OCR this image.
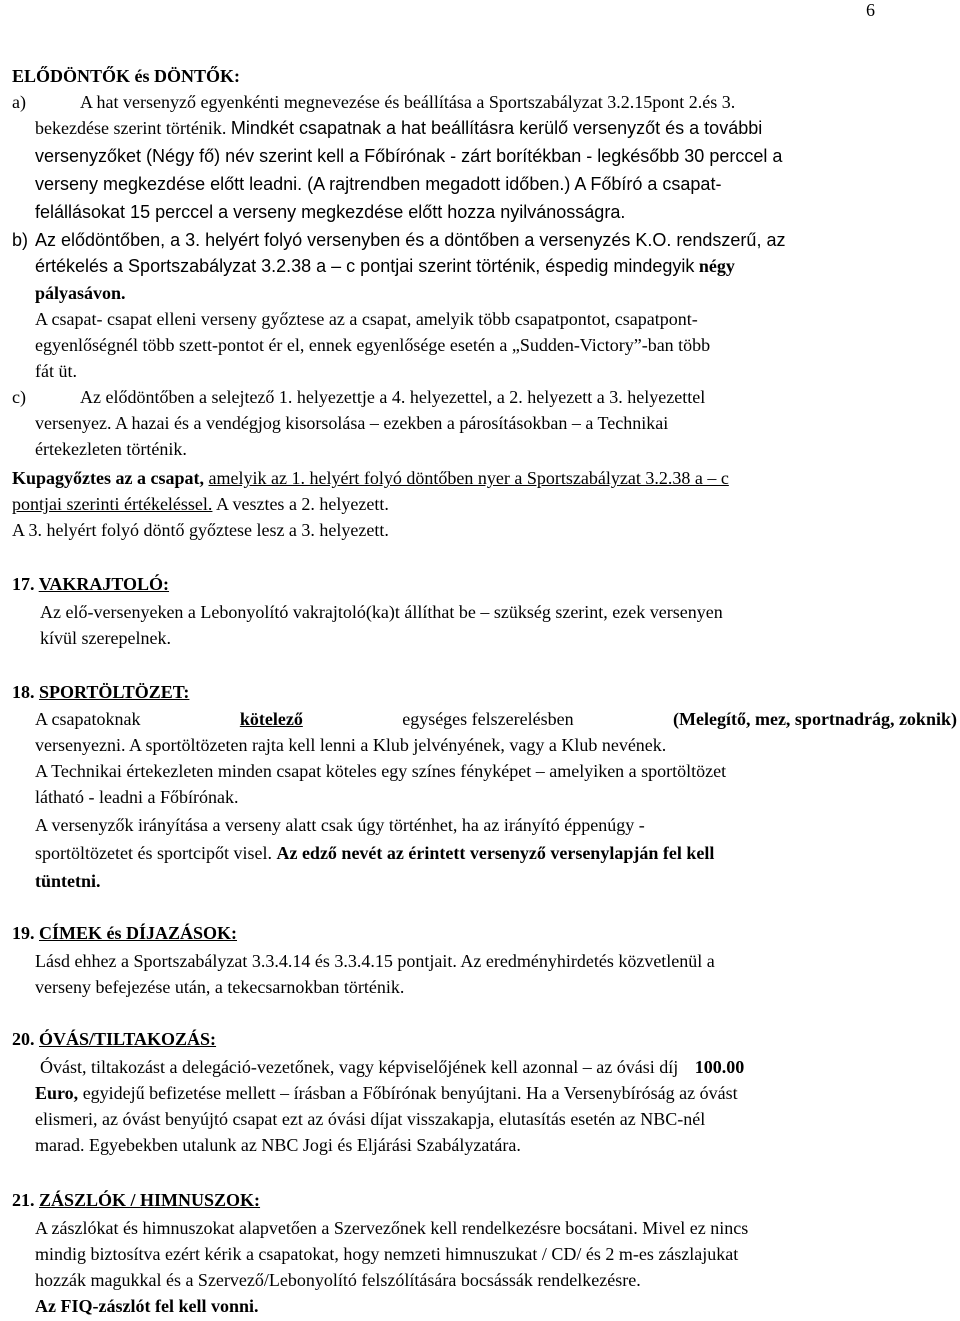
6
ELŐDÖNTŐK és DÖNTŐK:
a)	A hat versenyző egyenkénti megnevezése és beállítása a Sportszabályzat 3.2.15pont 2.és 3.
bekezdése szerint történik. Mindkét csapatnak a hat beállításra kerülő versenyzőt és a további
versenyzőket (Négy fő) név szerint kell a Főbírónak - zárt borítékban - legkésőbb 30 perccel a
verseny megkezdése előtt leadni. (A rajtrendben megadott időben.) A Főbíró a csapat-
felállásokat 15 perccel a verseny megkezdése előtt hozza nyilvánosságra.
b) Az elődöntőben, a 3. helyért folyó versenyben és a döntőben a versenyzés K.O. rendszerű, az
értékelés a Sportszabályzat 3.2.38 a – c pontjai szerint történik, éspedig mindegyik négy
pályasávon.
A csapat- csapat elleni verseny győztese az a csapat, amelyik több csapatpontot, csapatpont-
egyenlőségnél több szett-pontot ér el, ennek egyenlősége esetén a „Sudden-Victory”-ban több
fát üt.
c)	Az elődöntőben a selejtező 1. helyezettje a 4. helyezettel, a 2. helyezett a 3. helyezettel
versenyez. A hazai és a vendégjog kisorsolása – ezekben a párosításokban – a Technikai
értekezleten történik.
Kupagyőztes az a csapat, amelyik az 1. helyért folyó döntőben nyer a Sportszabályzat 3.2.38 a – c
pontjai szerinti értékeléssel. A vesztes a 2. helyezett.
A 3. helyért folyó döntő győztese lesz a 3. helyezett.
17. VAKRAJTOLÓ:
Az elő-versenyeken a Lebonyolító vakrajtoló(ka)t állíthat be – szükség szerint, ezek versenyen
kívül szerepelnek.
18. SPORTÖLTÖZET:
A csapatoknak	kötelező	egységes felszerelésben	(Melegítő, mez, sportnadrág, zoknik)
versenyezni. A sportöltözeten rajta kell lenni a Klub jelvényének, vagy a Klub nevének.
A Technikai értekezleten minden csapat köteles egy színes fényképet – amelyiken a sportöltözet
látható - leadni a Főbírónak.
A versenyzők irányítása a verseny alatt csak úgy történhet, ha az irányító éppenúgy -
sportöltözetet és sportcipőt visel. Az edző nevét az érintett versenyző versenylapján fel kell
tüntetni.
19. CÍMEK és DÍJAZÁSOK:
Lásd ehhez a Sportszabályzat 3.3.4.14 és 3.3.4.15 pontjait. Az eredményhirdetés közvetlenül a
verseny befejezése után, a tekecsarnokban történik.
20. ÓVÁS/TILTAKOZÁS:
Óvást, tiltakozást a delegáció-vezetőnek, vagy képviselőjének kell azonnal – az óvási díj 100.00
Euro, egyidejű befizetése mellett – írásban a Főbírónak benyújtani. Ha a Versenybíróság az óvást
elismeri, az óvást benyújtó csapat ezt az óvási díjat visszakapja, elutasítás esetén az NBC-nél
marad. Egyebekben utalunk az NBC Jogi és Eljárási Szabályzatára.
21. ZÁSZLÓK / HIMNUSZOK:
A zászlókat és himnuszokat alapvetően a Szervezőnek kell rendelkezésre bocsátani. Mivel ez nincs
mindig biztosítva ezért kérik a csapatokat, hogy nemzeti himnuszukat / CD/ és 2 m-es zászlajukat
hozzák magukkal és a Szervező/Lebonyolító felszólítására bocsássák rendelkezésre.
Az FIQ-zászlót fel kell vonni.
